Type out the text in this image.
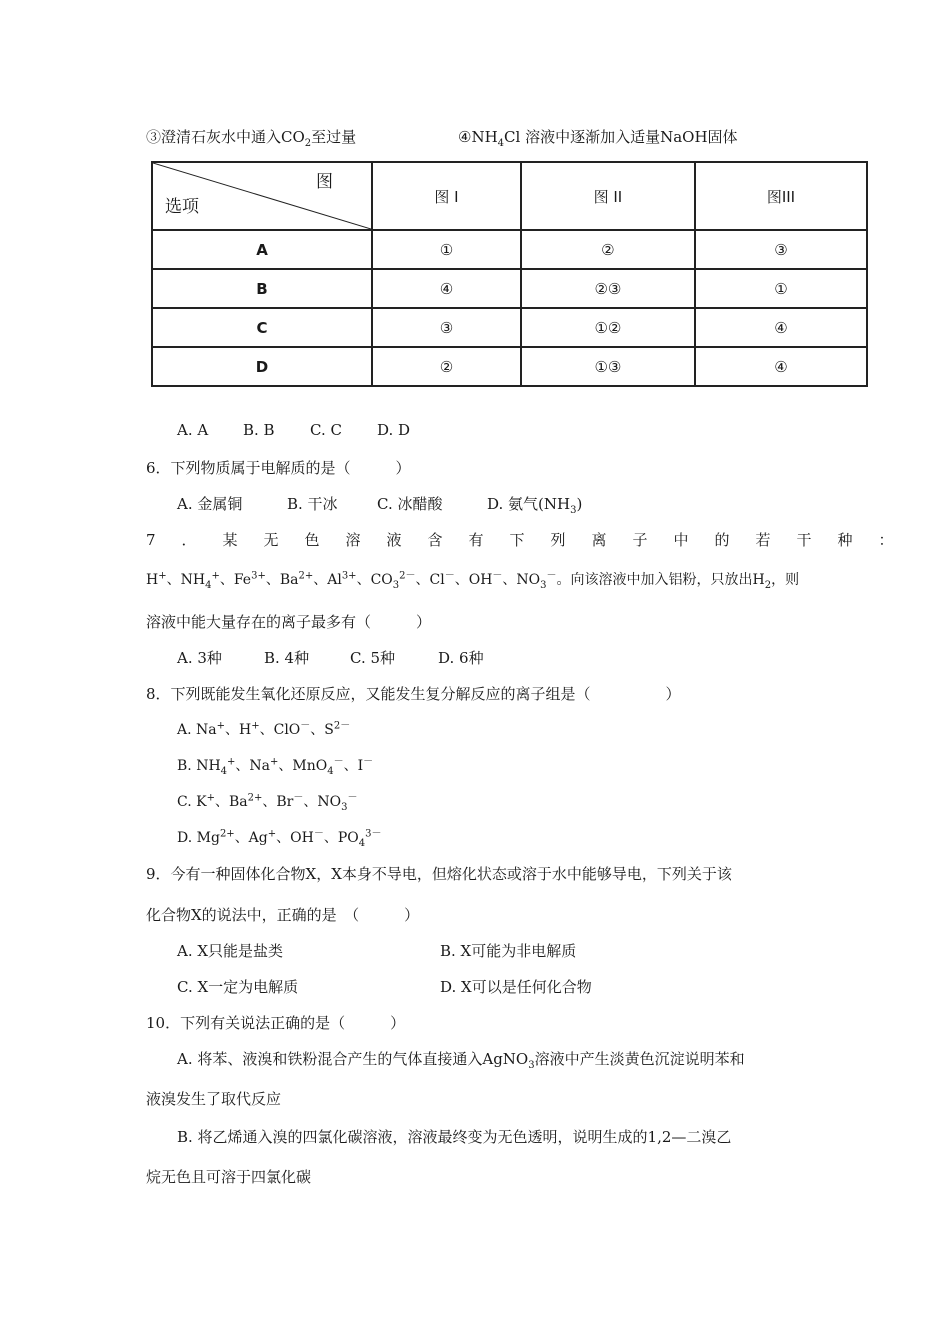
③澄清石灰水中通入$CO_2$至过量	$④NH_4Cl$ 溶液中逐渐加入适量NaOH固体
图
选项	图 I	图 II	图III
A	①	②	③
B	④	②③	①
C	③	①②	④
D	②	①③	④
A. A B. B C. C D. D
6．下列物质属于电解质的是（　　　）
A. 金属铜	B. 干冰	C. 冰醋酸	D. 氨气$(NH_3)$
7．某无色溶液含有下列离子中的若干种：
H+、$NH_4^+$、$Fe^{3+}$、$Ba^{2+}$、$Al^{3+}$、$CO_3^{2-}$、Cl－、OH－、$NO_3^-$。向该溶液中加入铝粉，只放出$H_2$，则
溶液中能大量存在的离子最多有（　　　）
A. 3种	B. 4种	C. 5种	D. 6种
8．下列既能发生氧化还原反应，又能发生复分解反应的离子组是（　　　　　）
A. Na+、H+、ClO－、$S^{2-}$
B. $NH_4^+$、Na+、MnO$_4$－、I－
C. K+、$Ba^{2+}$、Br－、$NO_3^-$
D. $Mg^{2+}$、Ag+、OH－、$PO_4^{3-}$
9．今有一种固体化合物X，X本身不导电，但熔化状态或溶于水中能够导电，下列关于该
化合物X的说法中，正确的是　（　　　）
A. X只能是盐类	B. X可能为非电解质
C. X一定为电解质	D. X可以是任何化合物
10．下列有关说法正确的是（　　　）
A. 将苯、液溴和铁粉混合产生的气体直接通入AgNO$_3$溶液中产生淡黄色沉淀说明苯和
液溴发生了取代反应
B. 将乙烯通入溴的四氯化碳溶液，溶液最终变为无色透明，说明生成的1,2—二溴乙
烷无色且可溶于四氯化碳
